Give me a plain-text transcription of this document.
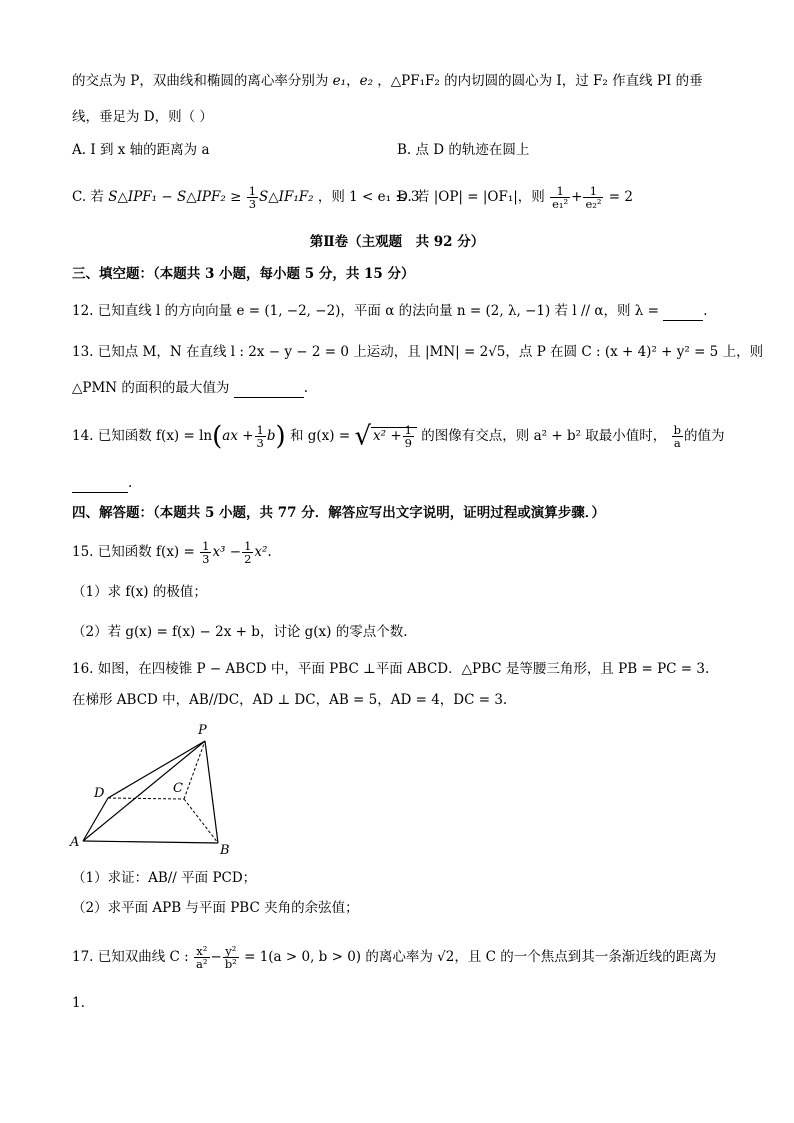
的交点为 P，双曲线和椭圆的离心率分别为 e₁，e₂ ，△PF₁F₂ 的内切圆的圆心为 I，过 F₂ 作直线 PI 的垂
线，垂足为 D，则（ ）
A. I 到 x 轴的距离为 a	B. 点 D 的轨迹在圆上
C. 若 S△IPF₁ − S△IPF₂ ≥ $\frac{1}{3}$ S△IF₁F₂ ，则 1 < e₁ ≤ 3
D. 若 |OP| = |OF₁|，则 $\frac{1}{\text{e₁²}} + \frac{1}{\text{e₂²}} = 2$
第Ⅱ卷（主观题　共 92 分）
三、填空题：（本题共 3 小题，每小题 5 分，共 15 分）
12. 已知直线 l 的方向向量 e = (1, −2, −2)，平面 α 的法向量 n = (2, λ, −1) 若 l // α，则 λ =	.
13. 已知点 M，N 在直线 l : 2x − y − 2 = 0 上运动，且 |MN| = 2√5，点 P 在圆 C : (x + 4)² + y² = 5 上，则
△PMN 的面积的最大值为	.
14. 已知函数 $f(x) = \ln(ax + \frac{1}{3} b)$ 和 g(x) = √ $x^2 + \frac{1}{9}$ 的图像有交点，则 a² + b² 取最小值时， $\frac{b}{a}$ 的值为
.
四、解答题：（本题共 5 小题，共 77 分．解答应写出文字说明，证明过程或演算步骤．）
15. 已知函数 $f(x) = \frac{1}{3} x^3 - \frac{1}{2} x^2$.
（1）求 f(x) 的极值；
（2）若 g(x) = f(x) − 2x + b，讨论 g(x) 的零点个数.
16. 如图，在四棱锥 P − ABCD 中，平面 PBC ⊥平面 ABCD．△PBC 是等腰三角形，且 PB = PC = 3.
在梯形 ABCD 中，AB//DC，AD ⊥ DC，AB = 5，AD = 4，DC = 3.
P
D	C
A
B
（1）求证：AB// 平面 PCD；
（2）求平面 APB 与平面 PBC 夹角的余弦值；
17. 已知双曲线 C : $\frac{\text{x²}}{\text{a²}} - \frac{\text{y²}}{\text{b²}} = 1(a > 0$, b > 0) 的离心率为 √2，且 C 的一个焦点到其一条渐近线的距离为
1.
